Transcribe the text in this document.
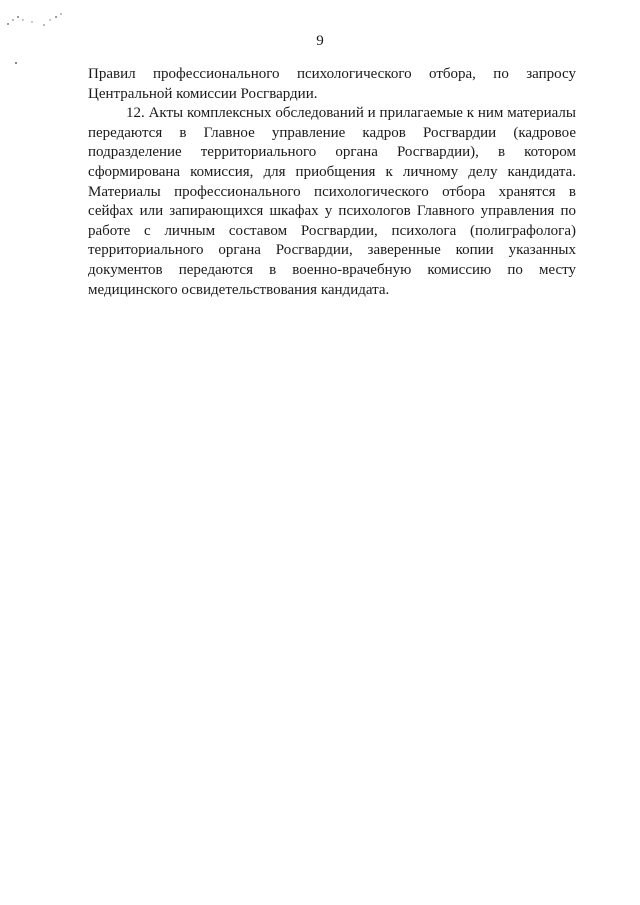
9

Правил профессионального психологического отбора, по запросу Центральной комиссии Росгвардии.

12. Акты комплексных обследований и прилагаемые к ним материалы передаются в Главное управление кадров Росгвардии (кадровое подразделение территориального органа Росгвардии), в котором сформирована комиссия, для приобщения к личному делу кандидата. Материалы профессионального психологического отбора хранятся в сейфах или запирающихся шкафах у психологов Главного управления по работе с личным составом Росгвардии, психолога (полиграфолога) территориального органа Росгвардии, заверенные копии указанных документов передаются в военно-врачебную комиссию по месту медицинского освидетельствования кандидата.
